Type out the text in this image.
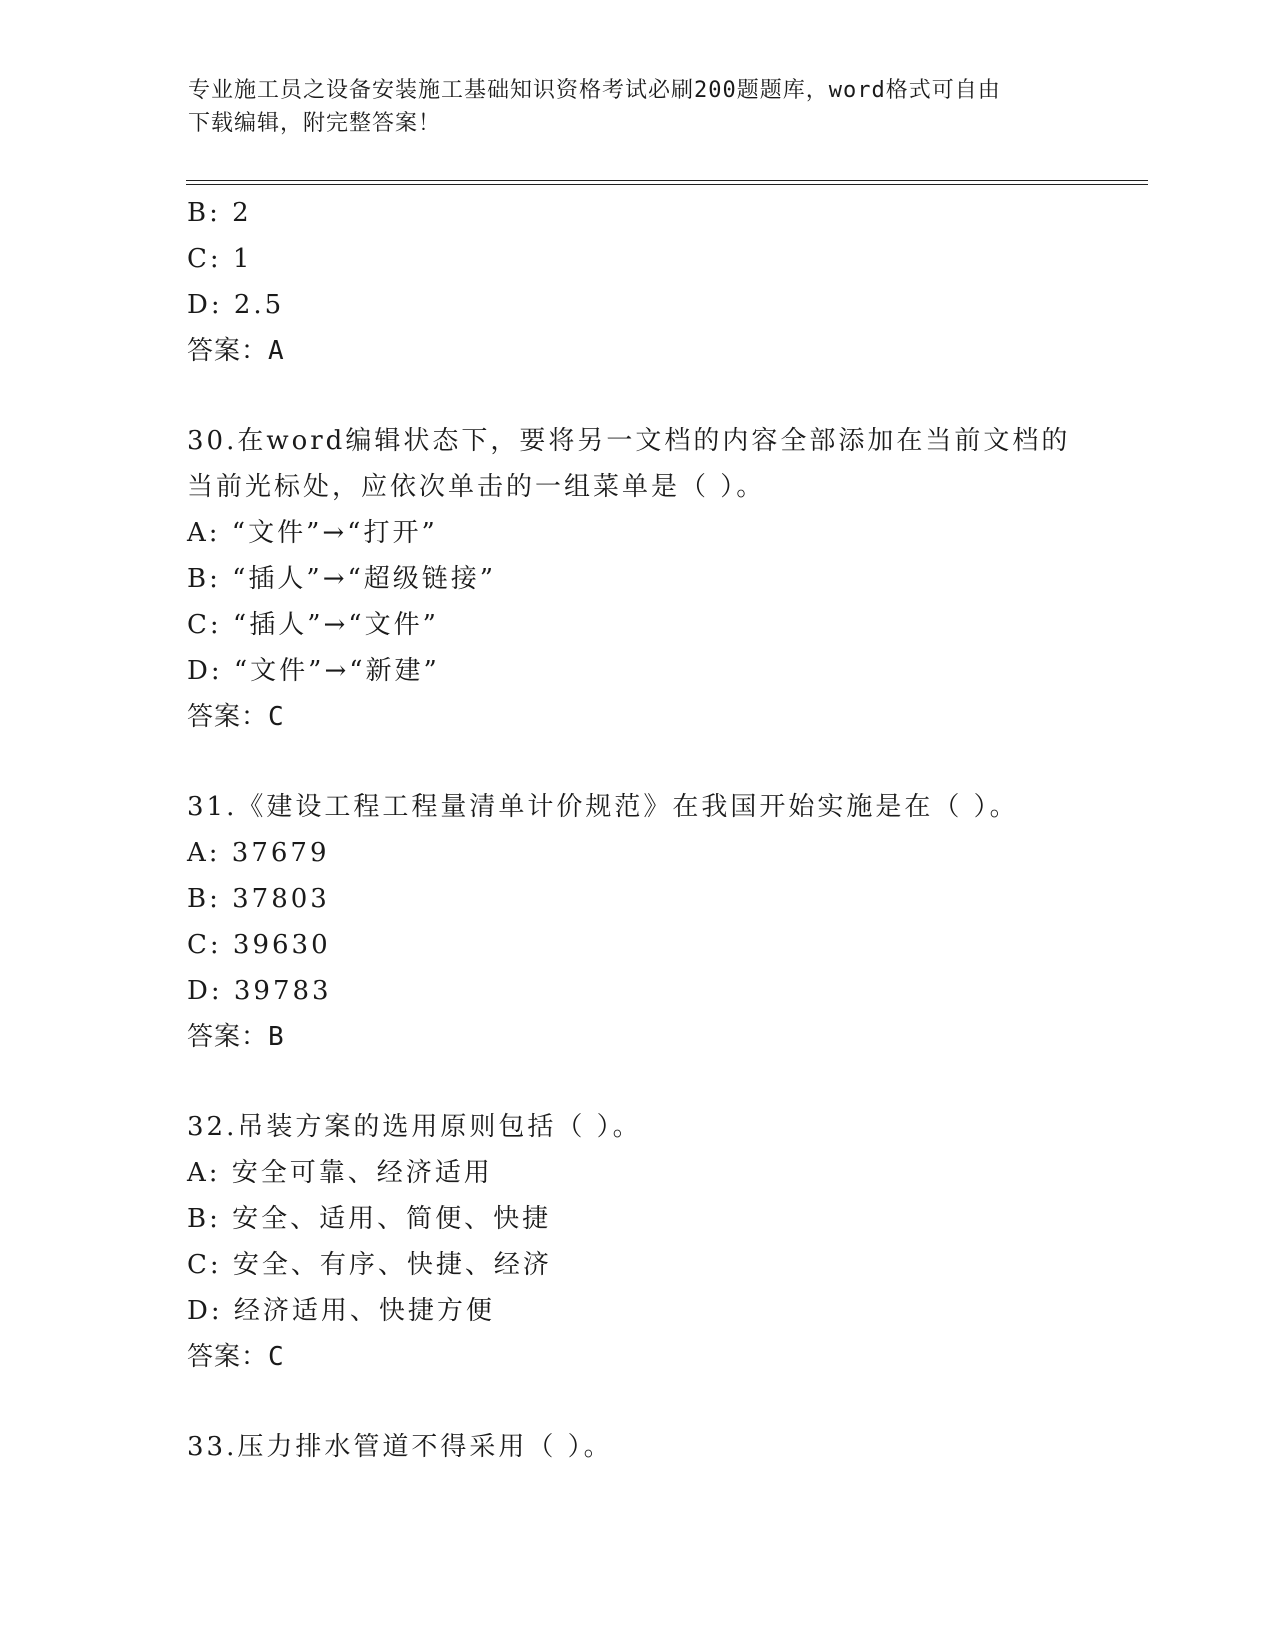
专业施工员之设备安装施工基础知识资格考试必刷200题题库，word格式可自由
下载编辑，附完整答案！
B: 2
C: 1
D: 2.5
答案：A
30.在word编辑状态下，要将另一文档的内容全部添加在当前文档的
当前光标处，应依次单击的一组菜单是（ ）。
A: “文件”→“打开”
B: “插人”→“超级链接”
C: “插人”→“文件”
D: “文件”→“新建”
答案：C
31.《建设工程工程量清单计价规范》在我国开始实施是在（ ）。
A: 37679
B: 37803
C: 39630
D: 39783
答案：B
32.吊装方案的选用原则包括（ ）。
A: 安全可靠、经济适用
B: 安全、适用、简便、快捷
C: 安全、有序、快捷、经济
D: 经济适用、快捷方便
答案：C
33.压力排水管道不得采用（ ）。
